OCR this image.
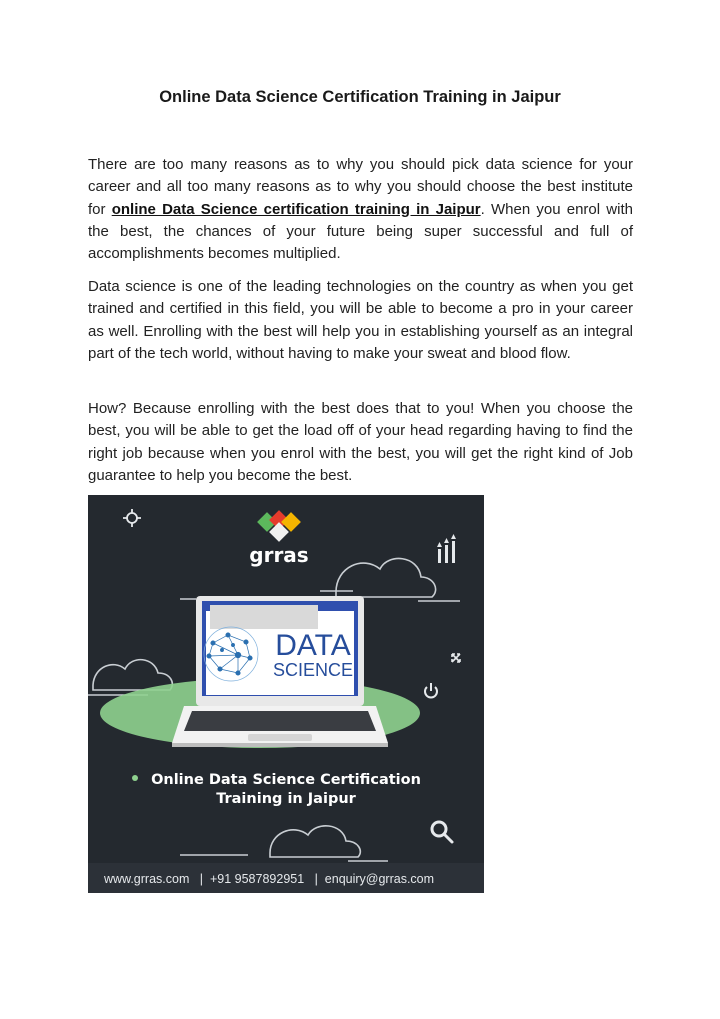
Online Data Science Certification Training in Jaipur

There are too many reasons as to why you should pick data science for your career and all too many reasons as to why you should choose the best institute for online Data Science certification training in Jaipur. When you enrol with the best, the chances of your future being super successful and full of accomplishments becomes multiplied.

Data science is one of the leading technologies on the country as when you get trained and certified in this field, you will be able to become a pro in your career as well. Enrolling with the best will help you in establishing yourself as an integral part of the tech world, without having to make your sweat and blood flow.

How? Because enrolling with the best does that to you! When you choose the best, you will be able to get the load off of your head regarding having to find the right job because when you enrol with the best, you will get the right kind of Job guarantee to help you become the best.

grras
DATA
SCIENCE
Online Data Science Certification
Training in Jaipur
www.grras.com   |  +91 9587892951   |  enquiry@grras.com
